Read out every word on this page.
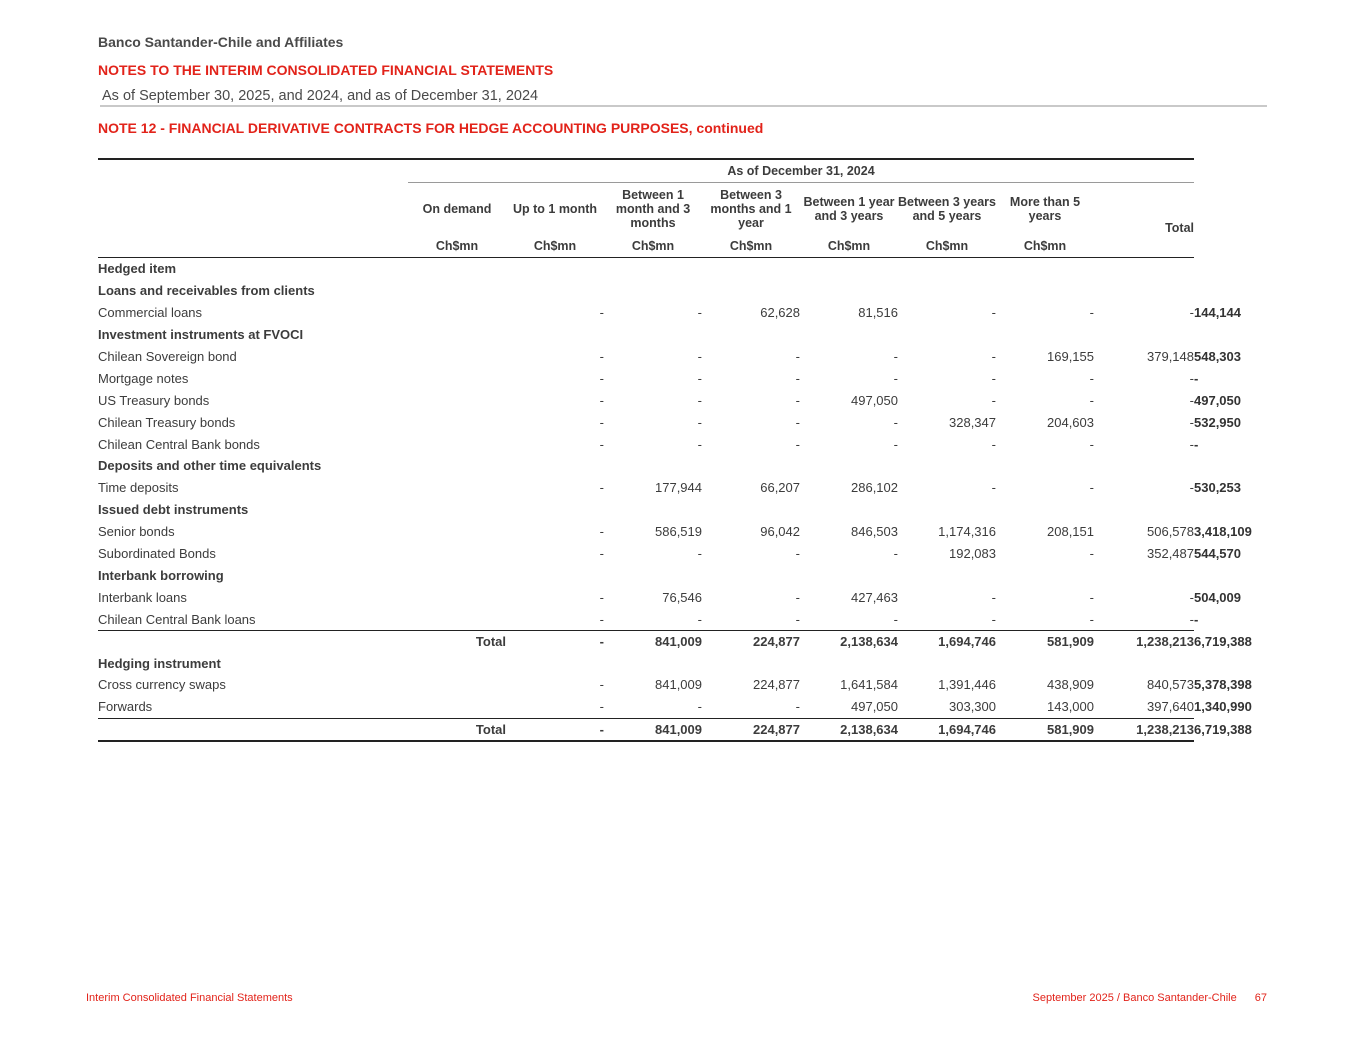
Banco Santander-Chile and Affiliates
NOTES TO THE INTERIM CONSOLIDATED FINANCIAL STATEMENTS
As of September 30, 2025, and 2024, and as of December 31, 2024
NOTE 12 - FINANCIAL DERIVATIVE CONTRACTS FOR HEDGE ACCOUNTING PURPOSES, continued

	As of December 31, 2024								
	On demand	Up to 1 month	Between 1 month and 3 months	Between 3 months and 1 year	Between 1 year and 3 years	Between 3 years and 5 years	More than 5 years	Total	
	Ch$mn	Ch$mn	Ch$mn	Ch$mn	Ch$mn	Ch$mn	Ch$mn		
Hedged item									
Loans and receivables from clients									
Commercial loans		-	-	62,628	81,516	-	-	-	144,144
Investment instruments at FVOCI									
Chilean Sovereign bond		-	-	-	-	-	169,155	379,148	548,303
Mortgage notes		-	-	-	-	-	-	-	-
US Treasury bonds		-	-	-	497,050	-	-	-	497,050
Chilean Treasury bonds		-	-	-	-	328,347	204,603	-	532,950
Chilean Central Bank bonds		-	-	-	-	-	-	-	-
Deposits and other time equivalents									
Time deposits		-	177,944	66,207	286,102	-	-	-	530,253
Issued debt instruments									
Senior bonds		-	586,519	96,042	846,503	1,174,316	208,151	506,578	3,418,109
Subordinated Bonds		-	-	-	-	192,083	-	352,487	544,570
Interbank borrowing									
Interbank loans		-	76,546	-	427,463	-	-	-	504,009
Chilean Central Bank loans		-	-	-	-	-	-	-	-
	Total	-	841,009	224,877	2,138,634	1,694,746	581,909	1,238,213	6,719,388
Hedging instrument									
Cross currency swaps		-	841,009	224,877	1,641,584	1,391,446	438,909	840,573	5,378,398
Forwards		-	-	-	497,050	303,300	143,000	397,640	1,340,990
	Total	-	841,009	224,877	2,138,634	1,694,746	581,909	1,238,213	6,719,388
Interim Consolidated Financial Statements	September 2025 / Banco Santander-Chile 67
